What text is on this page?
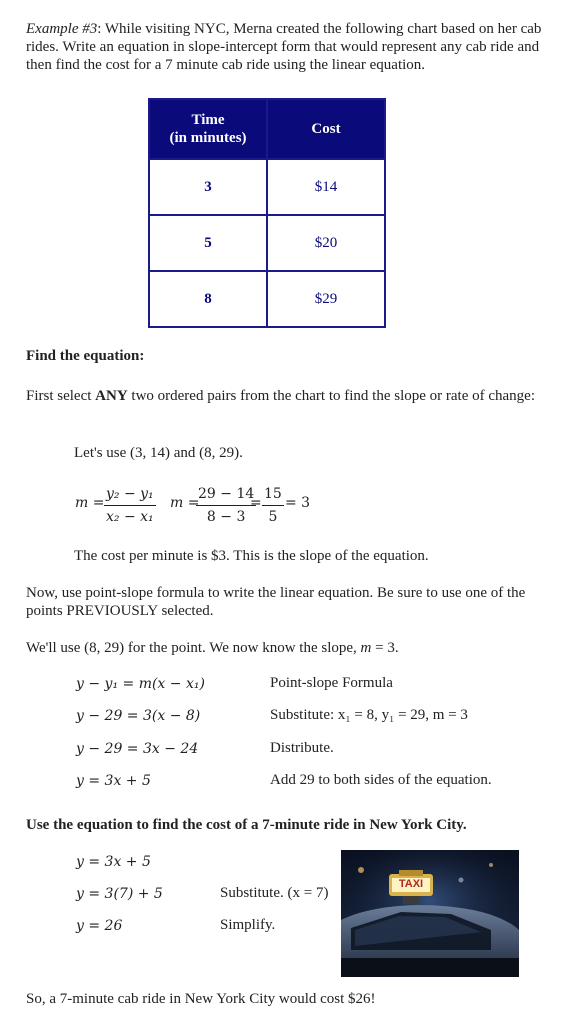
Example #3: While visiting NYC, Merna created the following chart based on her cab rides. Write an equation in slope-intercept form that would represent any cab ride and then find the cost for a 7 minute cab ride using the linear equation.
Time
(in minutes)	Cost
3	$14
5	$20
8	$29
Find the equation:
First select ANY two ordered pairs from the chart to find the slope or rate of change:
Let's use (3, 14) and (8, 29).
$m = \frac{\text{y₂ − y₁}}{\text{x₂ − x₁}}$ m =
$\frac{29 - 14}{8 - 3}$
= $\frac{15}{5} = 3$
The cost per minute is $3. This is the slope of the equation.
Now, use point-slope formula to write the linear equation. Be sure to use one of the points PREVIOUSLY selected.
We'll use (8, 29) for the point. We now know the slope, m = 3.
y − y₁ = m(x − x₁)	Point-slope Formula
y − 29 = 3(x − 8)	Substitute: x₁ = 8, y₁ = 29, m = 3
y − 29 = 3x − 24	Distribute.
y = 3x + 5	Add 29 to both sides of the equation.
Use the equation to find the cost of a 7-minute ride in New York City.
y = 3x + 5
y = 3(7) + 5	Substitute. (x = 7)
y = 26	Simplify.
TAXI
So, a 7-minute cab ride in New York City would cost $26!
